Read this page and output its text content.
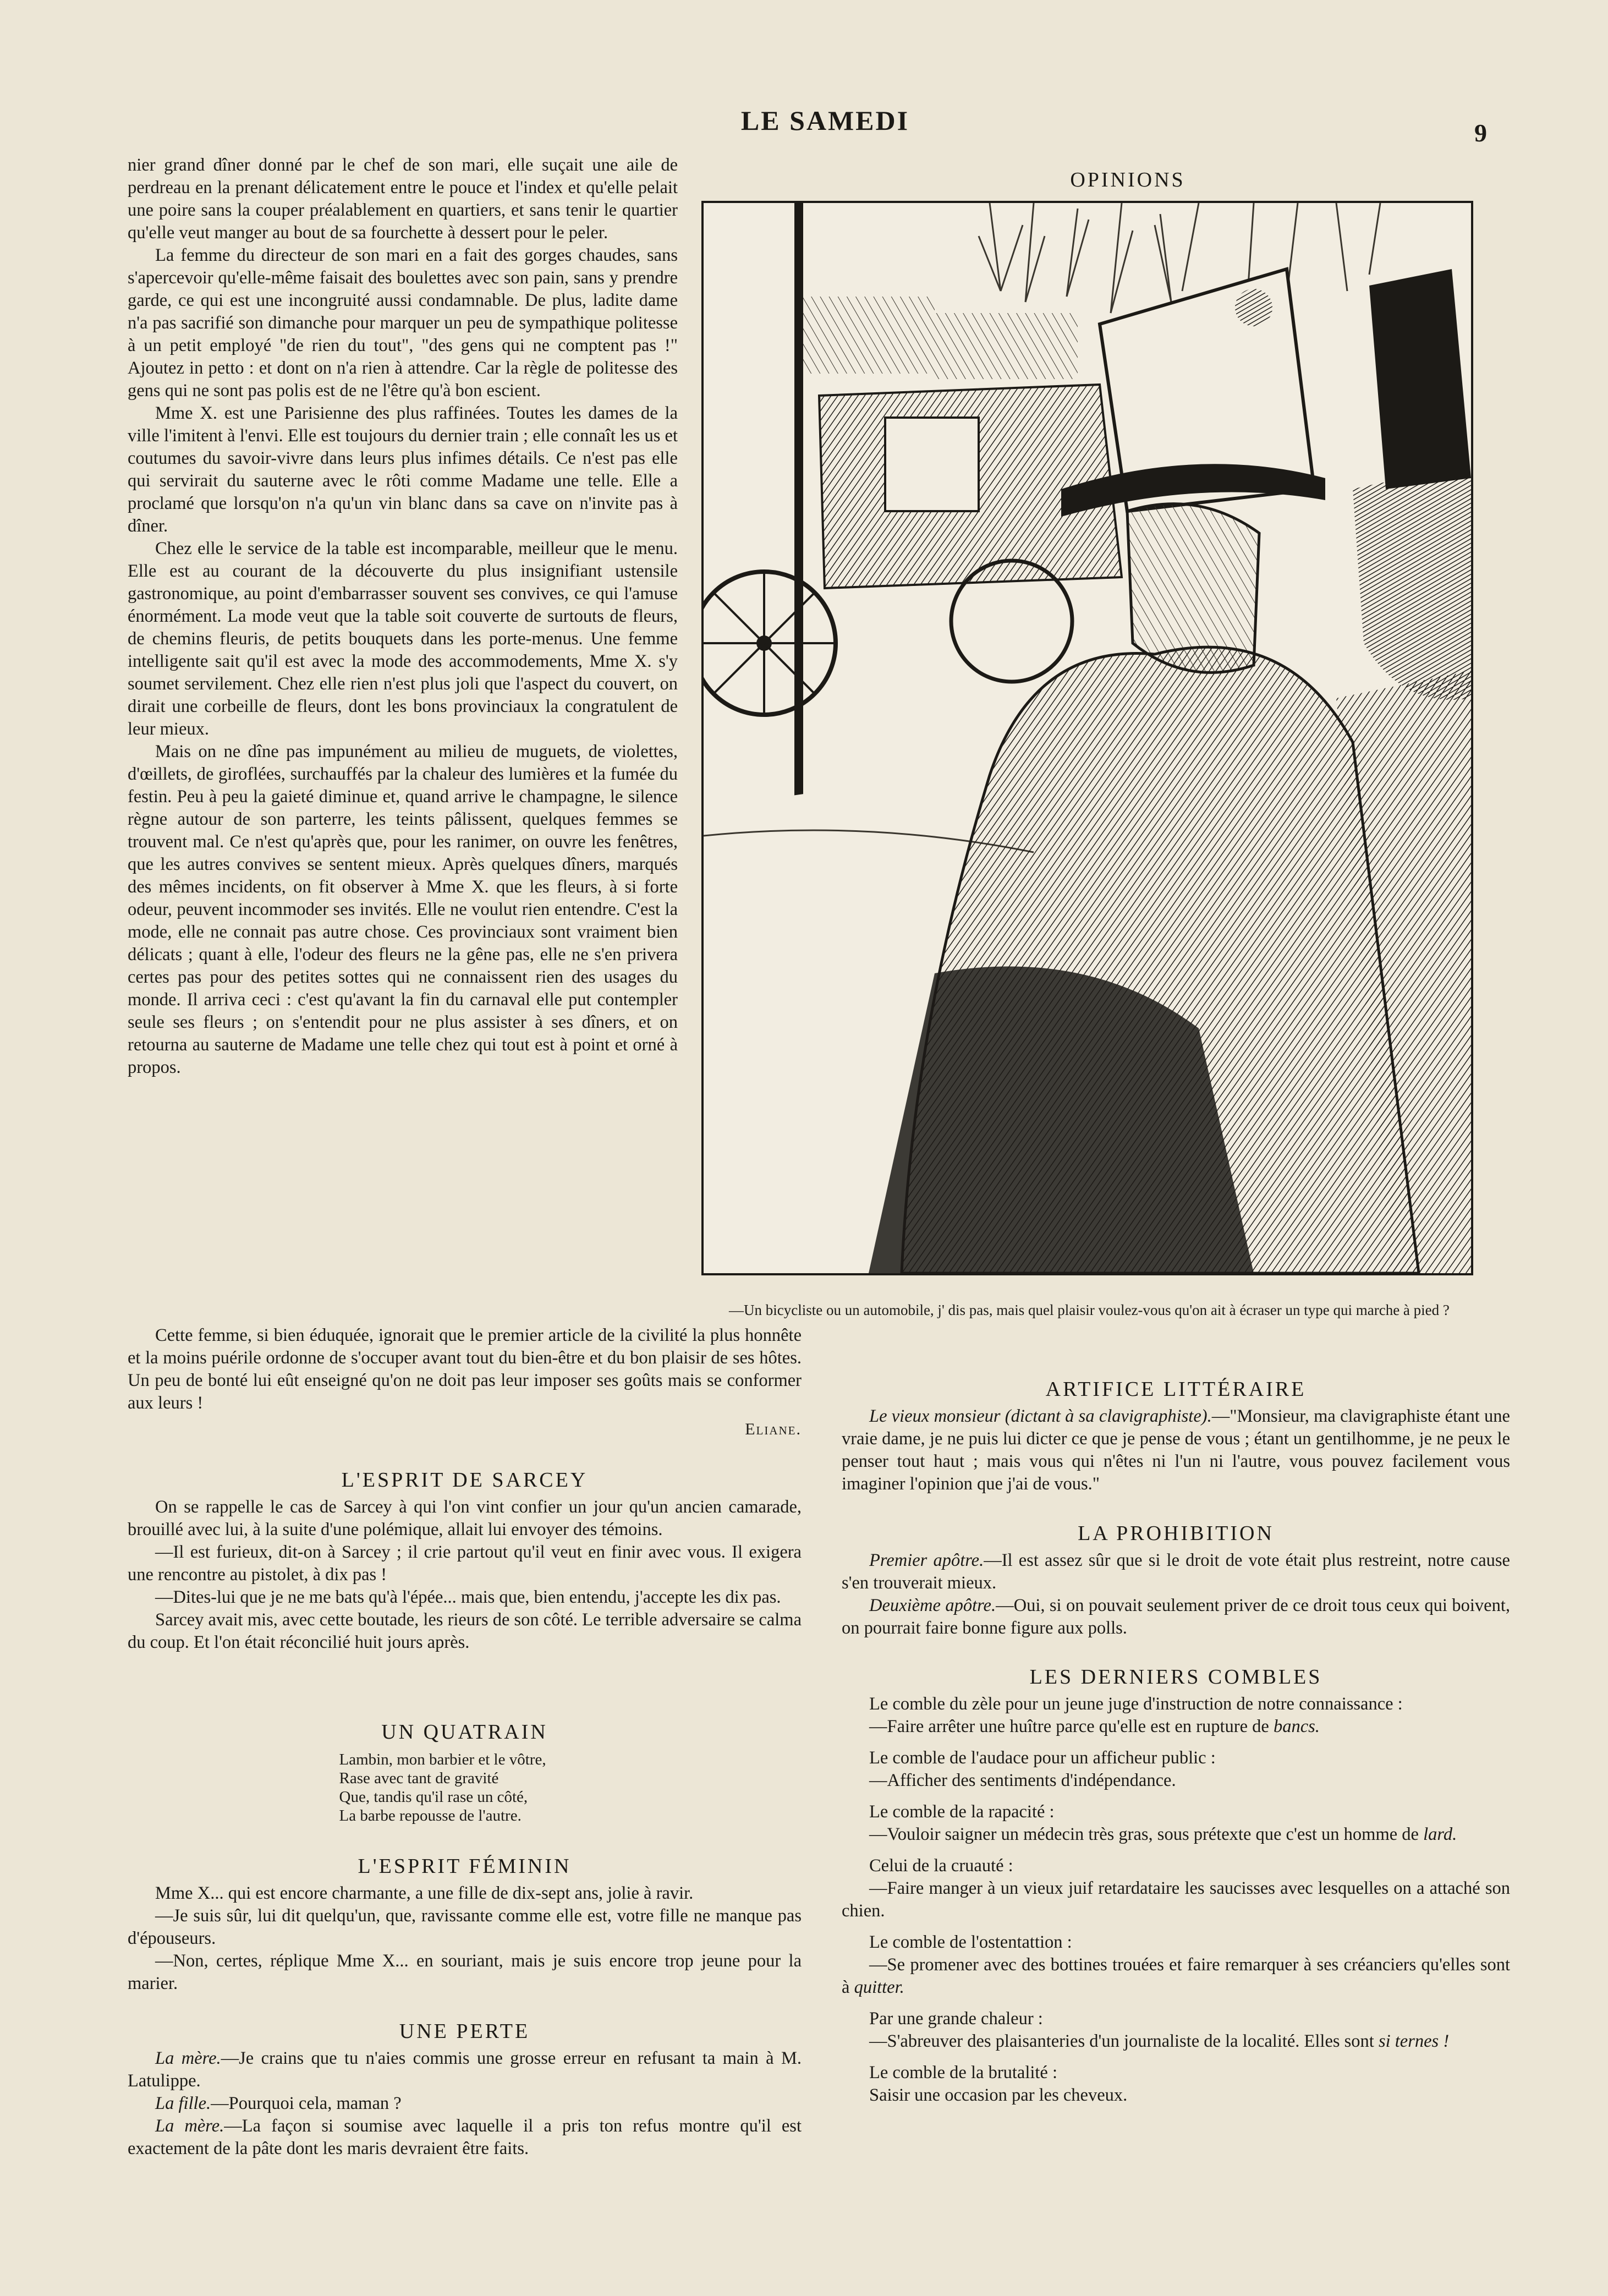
LE SAMEDI	9

nier grand dîner donné par le chef de son mari, elle suçait une aile de perdreau en la prenant délicatement entre le pouce et l'index et qu'elle pelait une poire sans la couper préalablement en quartiers, et sans tenir le quartier qu'elle veut manger au bout de sa fourchette à dessert pour le peler.

La femme du directeur de son mari en a fait des gorges chaudes, sans s'apercevoir qu'elle-même faisait des boulettes avec son pain, sans y prendre garde, ce qui est une incongruité aussi condamnable. De plus, ladite dame n'a pas sacrifié son dimanche pour marquer un peu de sympathique politesse à un petit employé "de rien du tout", "des gens qui ne comptent pas !" Ajoutez in petto : et dont on n'a rien à attendre. Car la règle de politesse des gens qui ne sont pas polis est de ne l'être qu'à bon escient.

Mme X. est une Parisienne des plus raffinées. Toutes les dames de la ville l'imitent à l'envi. Elle est toujours du dernier train ; elle connaît les us et coutumes du savoir-vivre dans leurs plus infimes détails. Ce n'est pas elle qui servirait du sauterne avec le rôti comme Madame une telle. Elle a proclamé que lorsqu'on n'a qu'un vin blanc dans sa cave on n'invite pas à dîner.

Chez elle le service de la table est incomparable, meilleur que le menu. Elle est au courant de la découverte du plus insignifiant ustensile gastronomique, au point d'embarrasser souvent ses convives, ce qui l'amuse énormément. La mode veut que la table soit couverte de surtouts de fleurs, de chemins fleuris, de petits bouquets dans les porte-menus. Une femme intelligente sait qu'il est avec la mode des accommodements, Mme X. s'y soumet servilement. Chez elle rien n'est plus joli que l'aspect du couvert, on dirait une corbeille de fleurs, dont les bons provinciaux la congratulent de leur mieux.

Mais on ne dîne pas impunément au milieu de muguets, de violettes, d'œillets, de giroflées, surchauffés par la chaleur des lumières et la fumée du festin. Peu à peu la gaieté diminue et, quand arrive le champagne, le silence règne autour de son parterre, les teints pâlissent, quelques femmes se trouvent mal. Ce n'est qu'après que, pour les ranimer, on ouvre les fenêtres, que les autres convives se sentent mieux. Après quelques dîners, marqués des mêmes incidents, on fit observer à Mme X. que les fleurs, à si forte odeur, peuvent incommoder ses invités. Elle ne voulut rien entendre. C'est la mode, elle ne connait pas autre chose. Ces provinciaux sont vraiment bien délicats ; quant à elle, l'odeur des fleurs ne la gêne pas, elle ne s'en privera certes pas pour des petites sottes qui ne connaissent rien des usages du monde. Il arriva ceci : c'est qu'avant la fin du carnaval elle put contempler seule ses fleurs ; on s'entendit pour ne plus assister à ses dîners, et on retourna au sauterne de Madame une telle chez qui tout est à point et orné à propos.

Cette femme, si bien éduquée, ignorait que le premier article de la civilité la plus honnête et la moins puérile ordonne de s'occuper avant tout du bien-être et du bon plaisir de ses hôtes. Un peu de bonté lui eût enseigné qu'on ne doit pas leur imposer ses goûts mais se conformer aux leurs !

Eliane.
L'ESPRIT DE SARCEY

On se rappelle le cas de Sarcey à qui l'on vint confier un jour qu'un ancien camarade, brouillé avec lui, à la suite d'une polémique, allait lui envoyer des témoins.

—Il est furieux, dit-on à Sarcey ; il crie partout qu'il veut en finir avec vous. Il exigera une rencontre au pistolet, à dix pas !

—Dites-lui que je ne me bats qu'à l'épée... mais que, bien entendu, j'accepte les dix pas.

Sarcey avait mis, avec cette boutade, les rieurs de son côté. Le terrible adversaire se calma du coup. Et l'on était réconcilié huit jours après.

UN QUATRAIN
Lambin, mon barbier et le vôtre,
Rase avec tant de gravité
Que, tandis qu'il rase un côté,
La barbe repousse de l'autre.
L'ESPRIT FÉMININ

Mme X... qui est encore charmante, a une fille de dix-sept ans, jolie à ravir.

—Je suis sûr, lui dit quelqu'un, que, ravissante comme elle est, votre fille ne manque pas d'épouseurs.

—Non, certes, réplique Mme X... en souriant, mais je suis encore trop jeune pour la marier.

UNE PERTE

La mère.—Je crains que tu n'aies commis une grosse erreur en refusant ta main à M. Latulippe.

La fille.—Pourquoi cela, maman ?

La mère.—La façon si soumise avec laquelle il a pris ton refus montre qu'il est exactement de la pâte dont les maris devraient être faits.

OPINIONS

—Un bicycliste ou un automobile, j' dis pas, mais quel plaisir voulez-vous qu'on ait à écraser un type qui marche à pied ?

ARTIFICE LITTÉRAIRE

Le vieux monsieur (dictant à sa clavigraphiste).—"Monsieur, ma clavigraphiste étant une vraie dame, je ne puis lui dicter ce que je pense de vous ; étant un gentilhomme, je ne peux le penser tout haut ; mais vous qui n'êtes ni l'un ni l'autre, vous pouvez facilement vous imaginer l'opinion que j'ai de vous."

LA PROHIBITION

Premier apôtre.—Il est assez sûr que si le droit de vote était plus restreint, notre cause s'en trouverait mieux.

Deuxième apôtre.—Oui, si on pouvait seulement priver de ce droit tous ceux qui boivent, on pourrait faire bonne figure aux polls.

LES DERNIERS COMBLES

Le comble du zèle pour un jeune juge d'instruction de notre connaissance :

—Faire arrêter une huître parce qu'elle est en rupture de bancs.

Le comble de l'audace pour un afficheur public :

—Afficher des sentiments d'indépendance.

Le comble de la rapacité :

—Vouloir saigner un médecin très gras, sous prétexte que c'est un homme de lard.

Celui de la cruauté :

—Faire manger à un vieux juif retardataire les saucisses avec lesquelles on a attaché son chien.

Le comble de l'ostentattion :

—Se promener avec des bottines trouées et faire remarquer à ses créanciers qu'elles sont à quitter.

Par une grande chaleur :

—S'abreuver des plaisanteries d'un journaliste de la localité. Elles sont si ternes !

Le comble de la brutalité :

Saisir une occasion par les cheveux.
